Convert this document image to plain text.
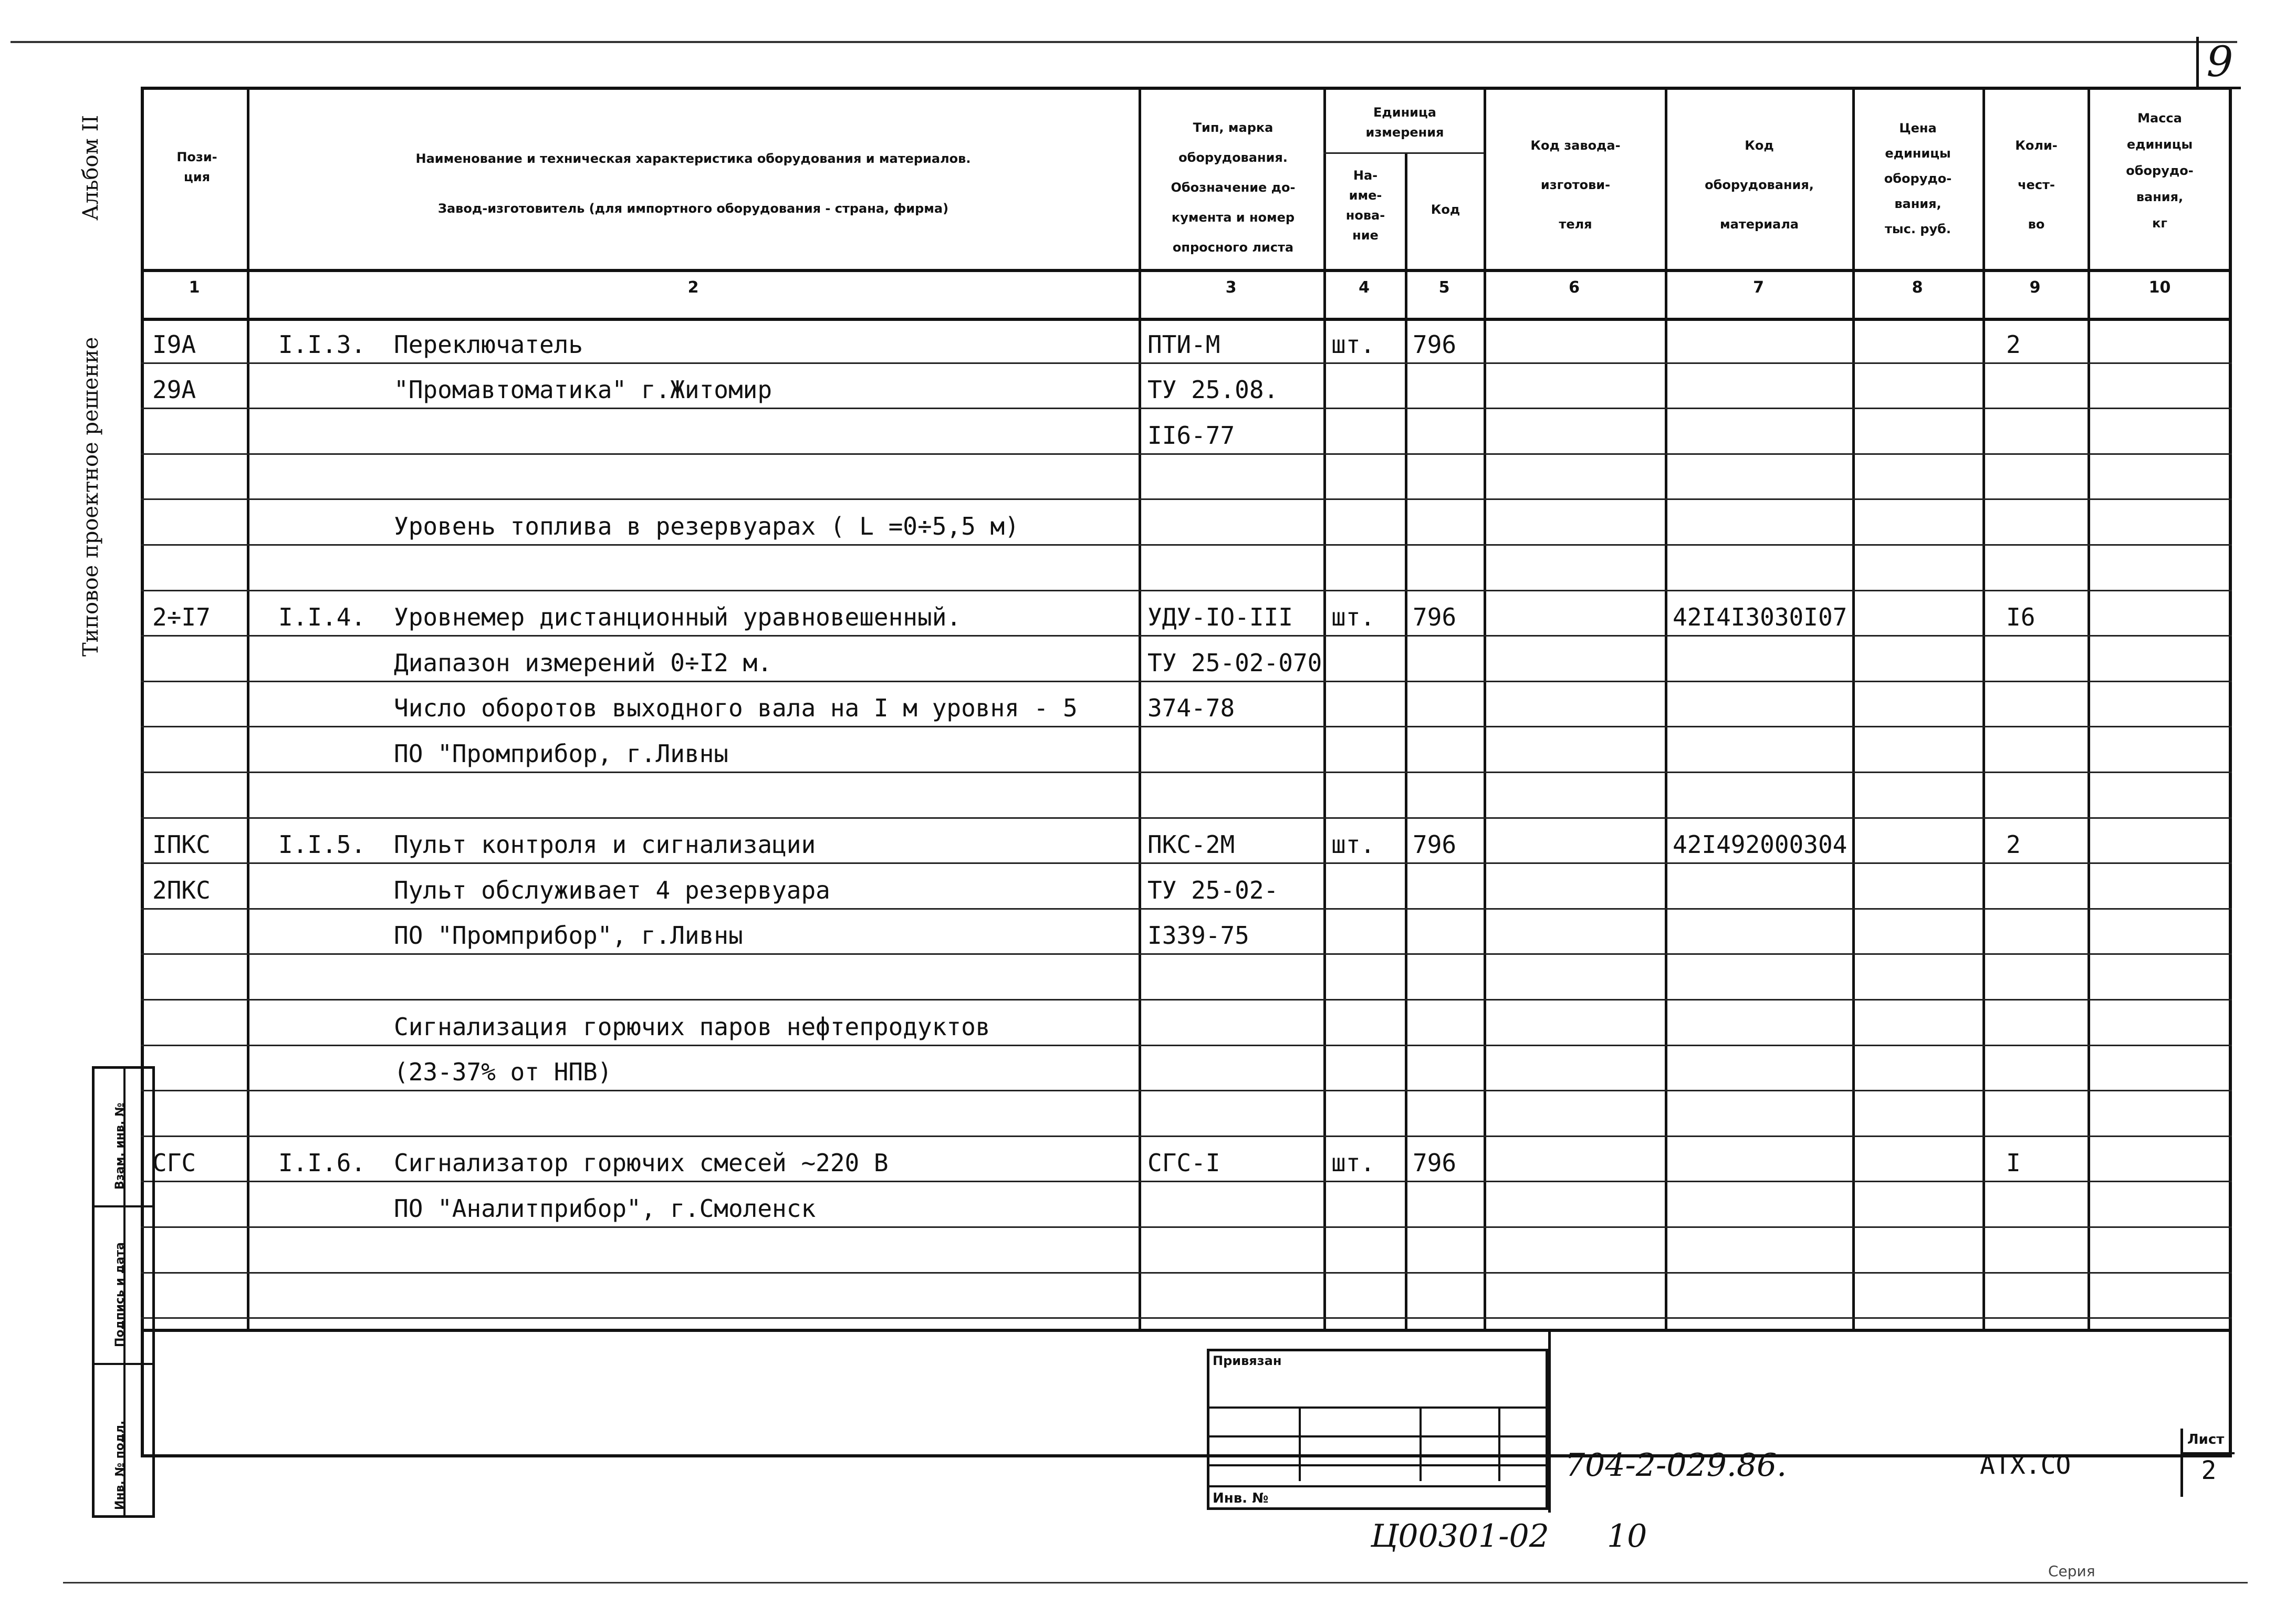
9
Альбом II
Типовое проектное решение
Пози-
ция
Наименование и техническая характеристика оборудования и материалов.
Завод-изготовитель (для импортного оборудования - страна, фирма)
Тип, марка
оборудования.
Обозначение до-
кумента и номер
опросного листа
Единица
измерения
На-
име-
нова-
ние
Код
Код завода-
изготови-
теля
Код
оборудования,
материала
Цена
единицы
оборудо-
вания,
тыс. руб.
Коли-
чест-
во
Масса
единицы
оборудо-
вания,
кг
1	2	3	4	5	6	7	8	9	10
I9A	I.I.3. Переключатель	ПТИ-М	шт. 796	2
29A	"Промавтоматика" г.Житомир	ТУ 25.08.
II6-77
Уровень топлива в резервуарах ( L =0÷5,5 м)
2÷I7	I.I.4. Уровнемер дистанционный уравновешенный.	УДУ-IО-III шт. 796	42I4I3030I07	I6
Диапазон измерений 0÷I2 м.	ТУ 25-02-070
Число оборотов выходного вала на I м уровня - 5	374-78
ПО "Промприбор, г.Ливны
IПКС	I.I.5. Пульт контроля и сигнализации	ПКС-2М	шт. 796	42I492000304	2
2ПКС	Пульт обслуживает 4 резервуара	ТУ 25-02-
ПО "Промприбор", г.Ливны	I339-75
Сигнализация горючих паров нефтепродуктов
(23-37% от НПВ)
СГС	I.I.6. Сигнализатор горючих смесей ~220 В	СГС-I	шт. 796	I
ПО "Аналитприбор", г.Смоленск
Привязан
Инв. №
704-2-029.86.	АТХ.СО
Лист
2
Ц00301-02 10
Серия
Взам. инв. №
Подпись и дата
Инв. № подл.
